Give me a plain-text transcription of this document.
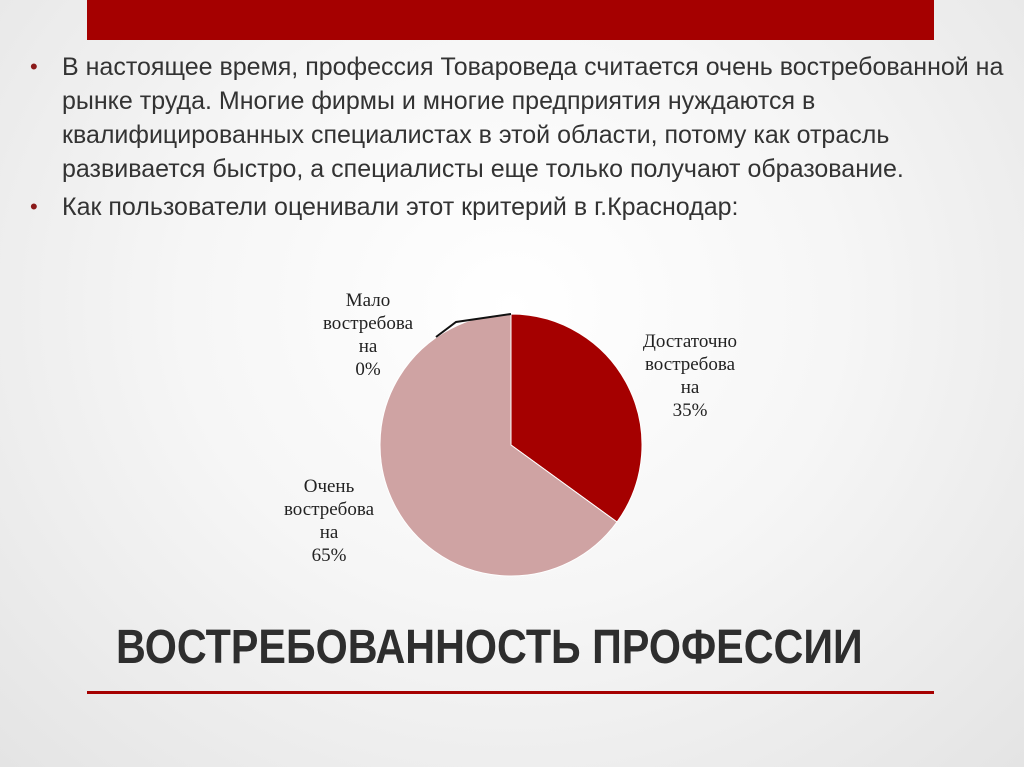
• В настоящее время, профессия Товароведа считается очень востребованной на рынке труда. Многие фирмы и многие предприятия нуждаются в квалифицированных специалистах в этой области, потому как отрасль развивается быстро, а специалисты еще только получают образование.
• Как пользователи оценивали этот критерий в г.Краснодар:
Достаточно востребова на 35%
Очень востребова на 65%
Мало востребова на 0%
ВОСТРЕБОВАННОСТЬ ПРОФЕССИИ
